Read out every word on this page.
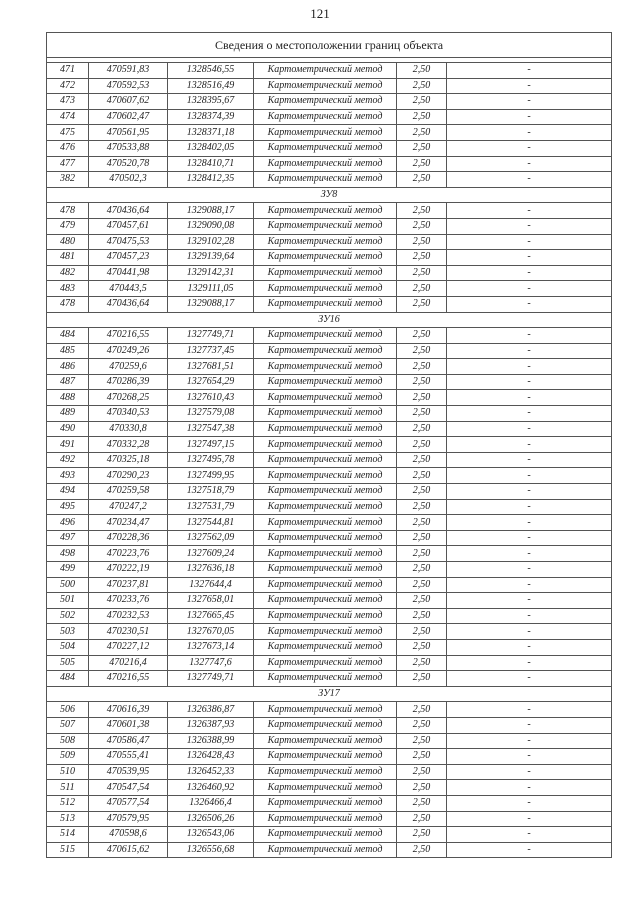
121
Сведения о местоположении границ объекта					

471	470591,83	1328546,55	Картометрический метод	2,50	-
472	470592,53	1328516,49	Картометрический метод	2,50	-
473	470607,62	1328395,67	Картометрический метод	2,50	-
474	470602,47	1328374,39	Картометрический метод	2,50	-
475	470561,95	1328371,18	Картометрический метод	2,50	-
476	470533,88	1328402,05	Картометрический метод	2,50	-
477	470520,78	1328410,71	Картометрический метод	2,50	-
382	470502,3	1328412,35	Картометрический метод	2,50	-
ЗУ8					
478	470436,64	1329088,17	Картометрический метод	2,50	-
479	470457,61	1329090,08	Картометрический метод	2,50	-
480	470475,53	1329102,28	Картометрический метод	2,50	-
481	470457,23	1329139,64	Картометрический метод	2,50	-
482	470441,98	1329142,31	Картометрический метод	2,50	-
483	470443,5	1329111,05	Картометрический метод	2,50	-
478	470436,64	1329088,17	Картометрический метод	2,50	-
ЗУ16					
484	470216,55	1327749,71	Картометрический метод	2,50	-
485	470249,26	1327737,45	Картометрический метод	2,50	-
486	470259,6	1327681,51	Картометрический метод	2,50	-
487	470286,39	1327654,29	Картометрический метод	2,50	-
488	470268,25	1327610,43	Картометрический метод	2,50	-
489	470340,53	1327579,08	Картометрический метод	2,50	-
490	470330,8	1327547,38	Картометрический метод	2,50	-
491	470332,28	1327497,15	Картометрический метод	2,50	-
492	470325,18	1327495,78	Картометрический метод	2,50	-
493	470290,23	1327499,95	Картометрический метод	2,50	-
494	470259,58	1327518,79	Картометрический метод	2,50	-
495	470247,2	1327531,79	Картометрический метод	2,50	-
496	470234,47	1327544,81	Картометрический метод	2,50	-
497	470228,36	1327562,09	Картометрический метод	2,50	-
498	470223,76	1327609,24	Картометрический метод	2,50	-
499	470222,19	1327636,18	Картометрический метод	2,50	-
500	470237,81	1327644,4	Картометрический метод	2,50	-
501	470233,76	1327658,01	Картометрический метод	2,50	-
502	470232,53	1327665,45	Картометрический метод	2,50	-
503	470230,51	1327670,05	Картометрический метод	2,50	-
504	470227,12	1327673,14	Картометрический метод	2,50	-
505	470216,4	1327747,6	Картометрический метод	2,50	-
484	470216,55	1327749,71	Картометрический метод	2,50	-
ЗУ17					
506	470616,39	1326386,87	Картометрический метод	2,50	-
507	470601,38	1326387,93	Картометрический метод	2,50	-
508	470586,47	1326388,99	Картометрический метод	2,50	-
509	470555,41	1326428,43	Картометрический метод	2,50	-
510	470539,95	1326452,33	Картометрический метод	2,50	-
511	470547,54	1326460,92	Картометрический метод	2,50	-
512	470577,54	1326466,4	Картометрический метод	2,50	-
513	470579,95	1326506,26	Картометрический метод	2,50	-
514	470598,6	1326543,06	Картометрический метод	2,50	-
515	470615,62	1326556,68	Картометрический метод	2,50	-
